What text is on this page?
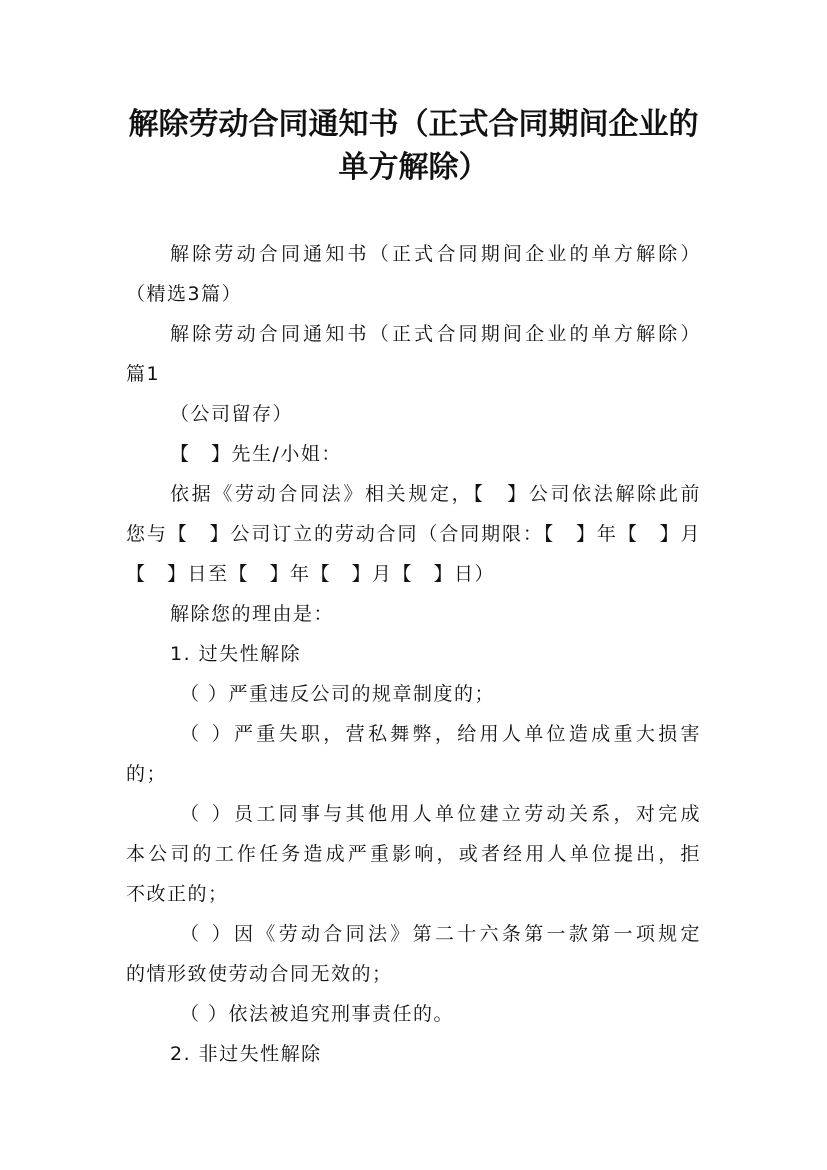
解除劳动合同通知书（正式合同期间企业的
单方解除）

解除劳动合同通知书（正式合同期间企业的单方解除）

（精选3篇）

解除劳动合同通知书（正式合同期间企业的单方解除）

篇1

（公司留存）

【　】先生/小姐：

依据《劳动合同法》相关规定，【　】公司依法解除此前

您与【　】公司订立的劳动合同（合同期限：【　】年【　】月

【　】日至【　】年【　】月【　】日）

解除您的理由是：

1. 过失性解除

（ ）严重违反公司的规章制度的；

（ ）严重失职，营私舞弊，给用人单位造成重大损害

的；

（ ）员工同事与其他用人单位建立劳动关系，对完成

本公司的工作任务造成严重影响，或者经用人单位提出，拒

不改正的；

（ ）因《劳动合同法》第二十六条第一款第一项规定

的情形致使劳动合同无效的；

（ ）依法被追究刑事责任的。

2. 非过失性解除
